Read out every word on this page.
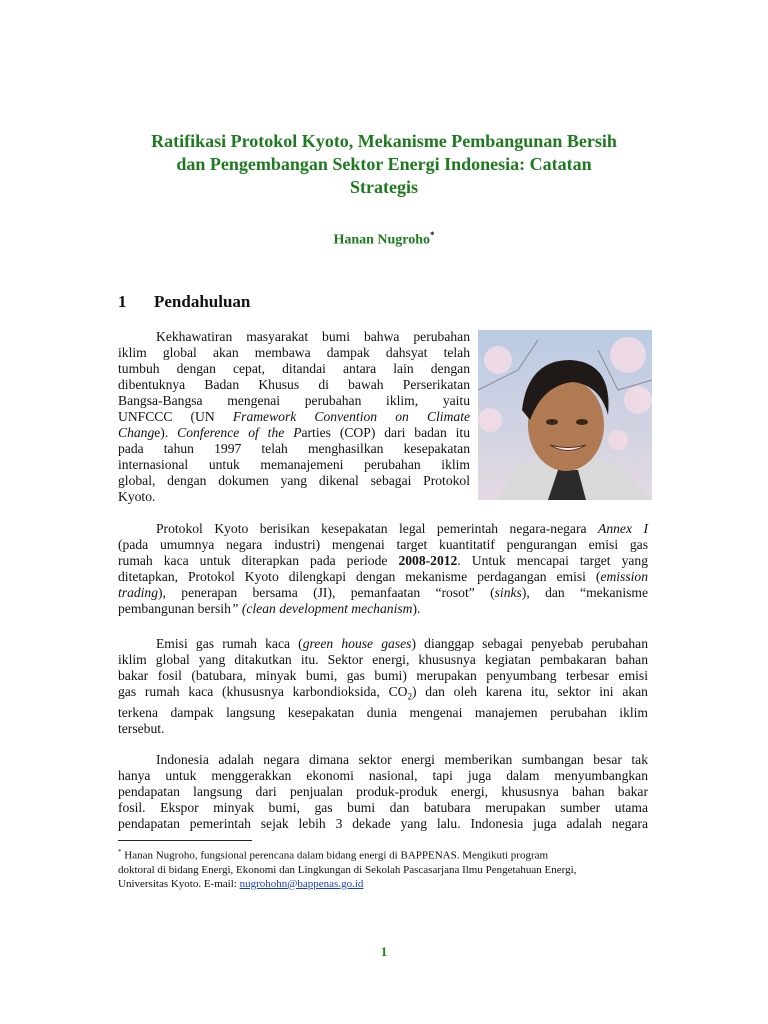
Ratifikasi Protokol Kyoto, Mekanisme Pembangunan Bersih
dan Pengembangan Sektor Energi Indonesia: Catatan
Strategis
Hanan Nugroho*
1 Pendahuluan
Kekhawatiran masyarakat bumi bahwa perubahan
iklim global akan membawa dampak dahsyat telah
tumbuh dengan cepat, ditandai antara lain dengan
dibentuknya Badan Khusus di bawah Perserikatan
Bangsa-Bangsa mengenai perubahan iklim, yaitu
UNFCCC (UN Framework Convention on Climate
Change). Conference of the Parties (COP) dari badan itu
pada tahun 1997 telah menghasilkan kesepakatan
internasional untuk memanajemeni perubahan iklim
global, dengan dokumen yang dikenal sebagai Protokol
Kyoto.
Protokol Kyoto berisikan kesepakatan legal pemerintah negara-negara Annex I
(pada umumnya negara industri) mengenai target kuantitatif pengurangan emisi gas
rumah kaca untuk diterapkan pada periode 2008-2012. Untuk mencapai target yang
ditetapkan, Protokol Kyoto dilengkapi dengan mekanisme perdagangan emisi (emission
trading), penerapan bersama (JI), pemanfaatan “rosot” (sinks), dan “mekanisme
pembangunan bersih” (clean development mechanism).
Emisi gas rumah kaca (green house gases) dianggap sebagai penyebab perubahan
iklim global yang ditakutkan itu. Sektor energi, khususnya kegiatan pembakaran bahan
bakar fosil (batubara, minyak bumi, gas bumi) merupakan penyumbang terbesar emisi
gas rumah kaca (khususnya karbondioksida, $CO_2$) dan oleh karena itu, sektor ini akan
terkena dampak langsung kesepakatan dunia mengenai manajemen perubahan iklim
tersebut.
Indonesia adalah negara dimana sektor energi memberikan sumbangan besar tak
hanya untuk menggerakkan ekonomi nasional, tapi juga dalam menyumbangkan
pendapatan langsung dari penjualan produk-produk energi, khususnya bahan bakar
fosil. Ekspor minyak bumi, gas bumi dan batubara merupakan sumber utama
pendapatan pemerintah sejak lebih 3 dekade yang lalu. Indonesia juga adalah negara
* Hanan Nugroho, fungsional perencana dalam bidang energi di BAPPENAS. Mengikuti program
doktoral di bidang Energi, Ekonomi dan Lingkungan di Sekolah Pascasarjana Ilmu Pengetahuan Energi,
Universitas Kyoto. E-mail: nugrohohn@bappenas.go.id
1
